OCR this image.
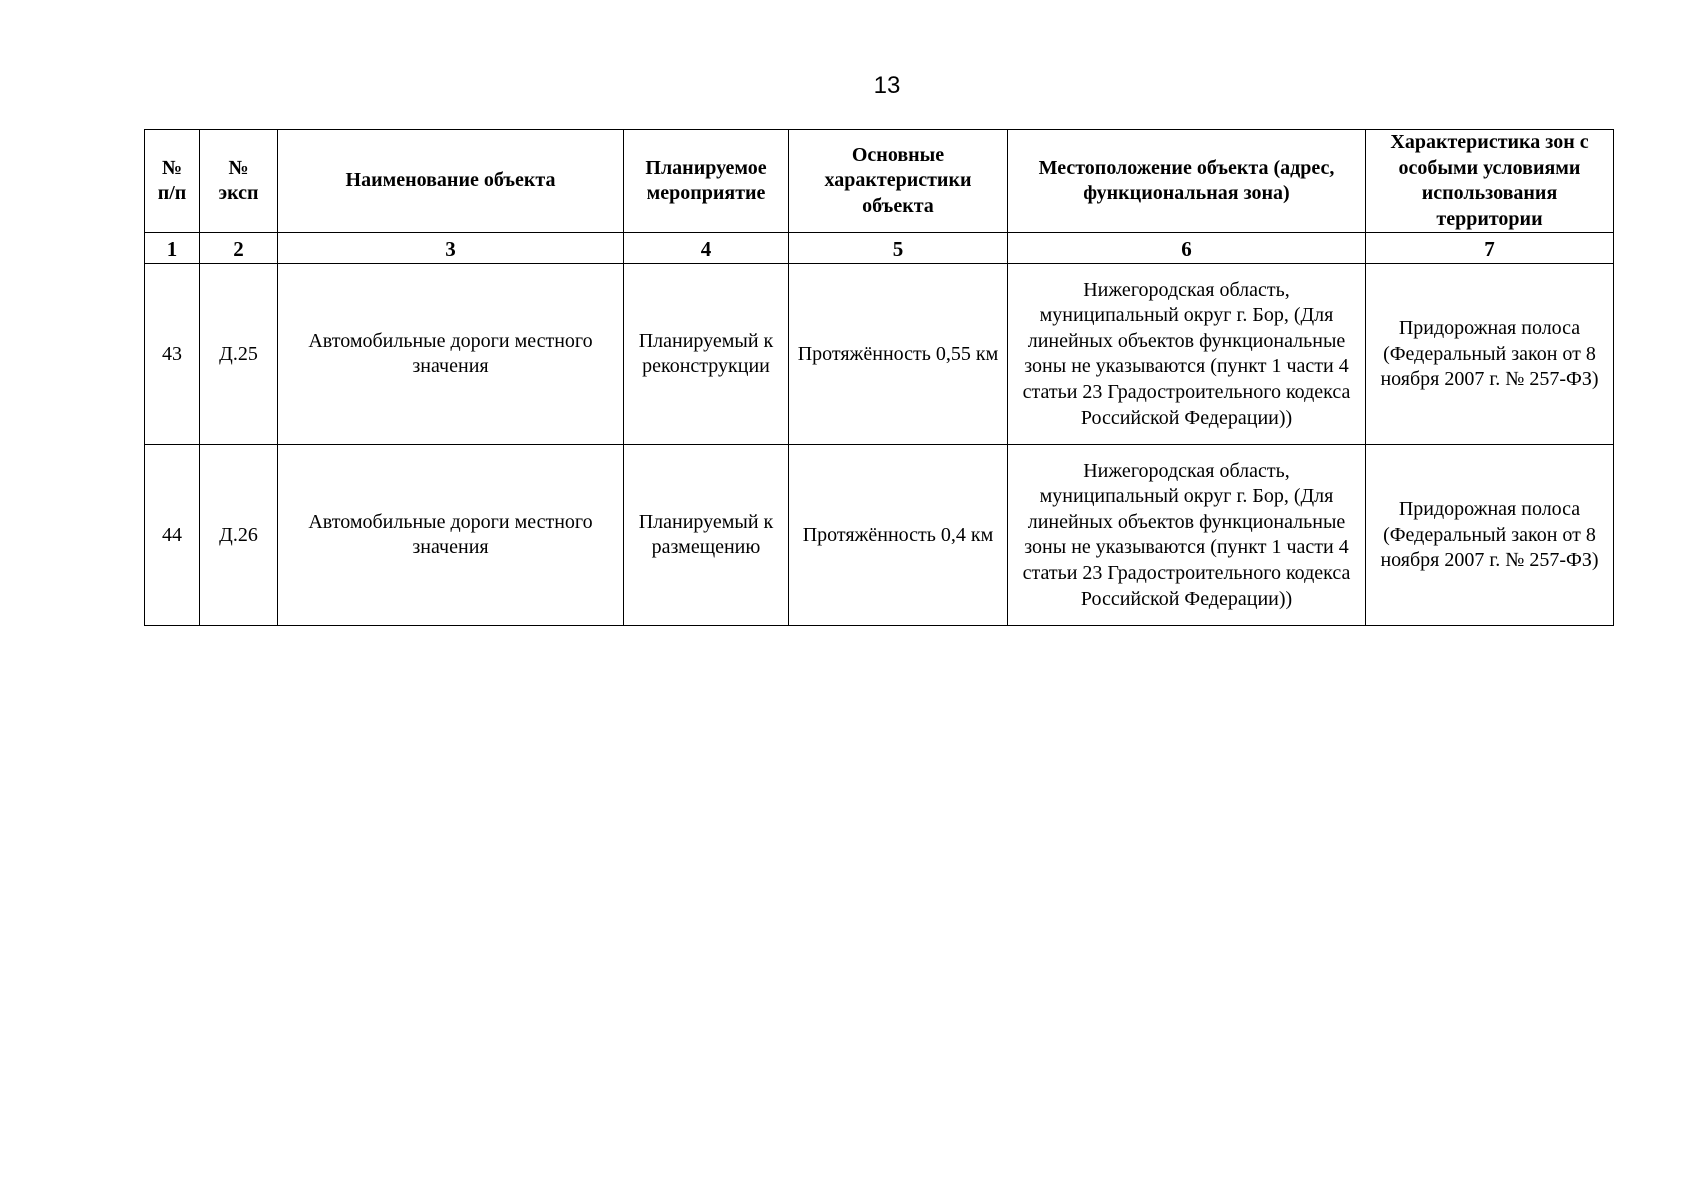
13
№ п/п	№ эксп	Наименование объекта	Планируемое мероприятие	Основные характеристики объекта	Местоположение объекта (адрес, функциональная зона)	Характеристика зон с особыми условиями использования территории
1	2	3	4	5	6	7
43	Д.25	Автомобильные дороги местного значения	Планируемый к реконструкции	Протяжённость 0,55 км	Нижегородская область, муниципальный округ г. Бор, (Для линейных объектов функциональные зоны не указываются (пункт 1 части 4 статьи 23 Градостроительного кодекса Российской Федерации))	Придорожная полоса (Федеральный закон от 8 ноября 2007 г. № 257-ФЗ)
44	Д.26	Автомобильные дороги местного значения	Планируемый к размещению	Протяжённость 0,4 км	Нижегородская область, муниципальный округ г. Бор, (Для линейных объектов функциональные зоны не указываются (пункт 1 части 4 статьи 23 Градостроительного кодекса Российской Федерации))	Придорожная полоса (Федеральный закон от 8 ноября 2007 г. № 257-ФЗ)
